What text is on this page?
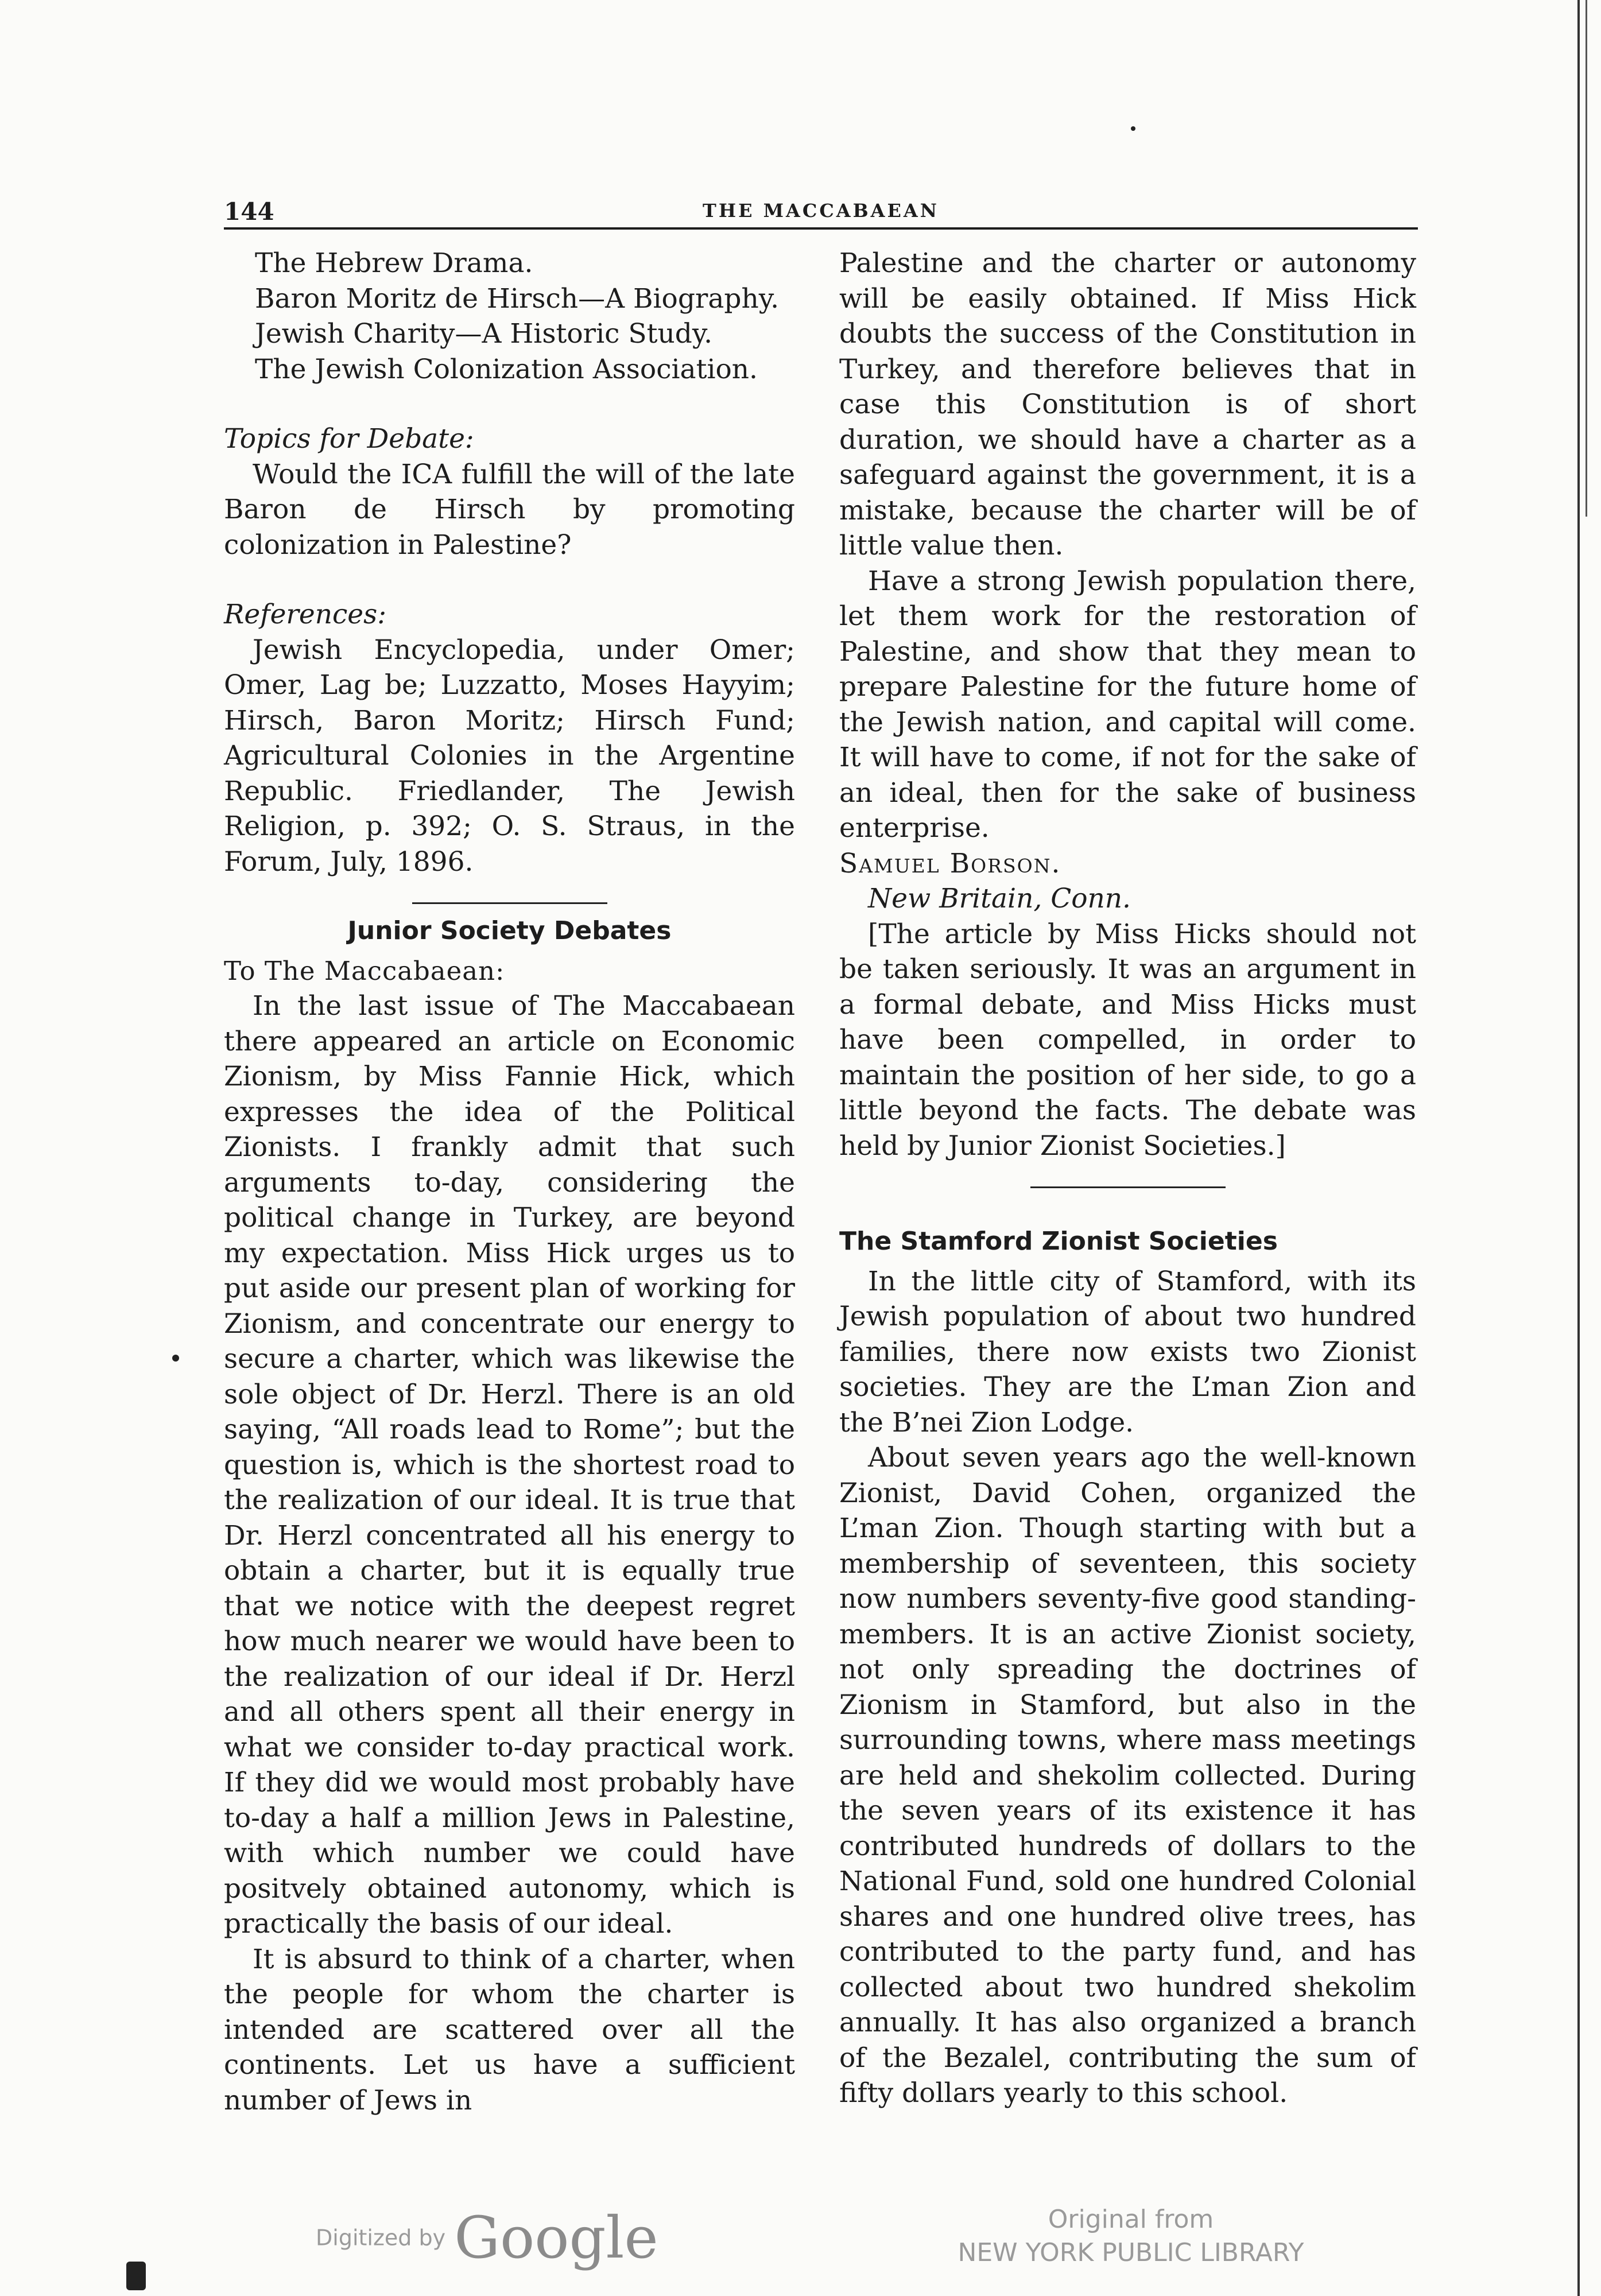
144	THE MACCABAEAN

The Hebrew Drama.

Baron Moritz de Hirsch—A Biography.

Jewish Charity—A Historic Study.

The Jewish Colonization Association.

Topics for Debate:

Would the ICA fulfill the will of the late Baron de Hirsch by promoting colonization in Palestine?

References:

Jewish Encyclopedia, under Omer; Omer, Lag be; Luzzatto, Moses Hayyim; Hirsch, Baron Moritz; Hirsch Fund; Agricultural Colonies in the Argentine Republic. Friedlander, The Jewish Religion, p. 392; O. S. Straus, in the Forum, July, 1896.

Junior Society Debates

To The Maccabaean:

In the last issue of The Maccabaean there appeared an article on Economic Zionism, by Miss Fannie Hick, which expresses the idea of the Political Zionists. I frankly admit that such arguments to-day, considering the political change in Turkey, are beyond my expectation. Miss Hick urges us to put aside our present plan of working for Zionism, and concentrate our energy to secure a charter, which was likewise the sole object of Dr. Herzl. There is an old saying, “All roads lead to Rome”; but the question is, which is the shortest road to the realization of our ideal. It is true that Dr. Herzl concentrated all his energy to obtain a charter, but it is equally true that we notice with the deepest regret how much nearer we would have been to the realization of our ideal if Dr. Herzl and all others spent all their energy in what we consider to-day practical work. If they did we would most probably have to-day a half a million Jews in Palestine, with which number we could have positvely obtained autonomy, which is practically the basis of our ideal.

It is absurd to think of a charter, when the people for whom the charter is intended are scattered over all the continents. Let us have a sufficient number of Jews in

Palestine and the charter or autonomy will be easily obtained. If Miss Hick doubts the success of the Constitution in Turkey, and therefore believes that in case this Constitution is of short duration, we should have a charter as a safeguard against the government, it is a mistake, because the charter will be of little value then.

Have a strong Jewish population there, let them work for the restoration of Palestine, and show that they mean to prepare Palestine for the future home of the Jewish nation, and capital will come. It will have to come, if not for the sake of an ideal, then for the sake of business enterprise.

Samuel Borson.

New Britain, Conn.

[The article by Miss Hicks should not be taken seriously. It was an argument in a formal debate, and Miss Hicks must have been compelled, in order to maintain the position of her side, to go a little beyond the facts. The debate was held by Junior Zionist Societies.]

The Stamford Zionist Societies

In the little city of Stamford, with its Jewish population of about two hundred families, there now exists two Zionist societies. They are the L’man Zion and the B’nei Zion Lodge.

About seven years ago the well-known Zionist, David Cohen, organized the L’man Zion. Though starting with but a membership of seventeen, this society now numbers seventy-five good standing-members. It is an active Zionist society, not only spreading the doctrines of Zionism in Stamford, but also in the surrounding towns, where mass meetings are held and shekolim collected. During the seven years of its existence it has contributed hundreds of dollars to the National Fund, sold one hundred Colonial shares and one hundred olive trees, has contributed to the party fund, and has collected about two hundred shekolim annually. It has also organized a branch of the Bezalel, contributing the sum of fifty dollars yearly to this school.

Digitized by Google	Original from
NEW YORK PUBLIC LIBRARY
